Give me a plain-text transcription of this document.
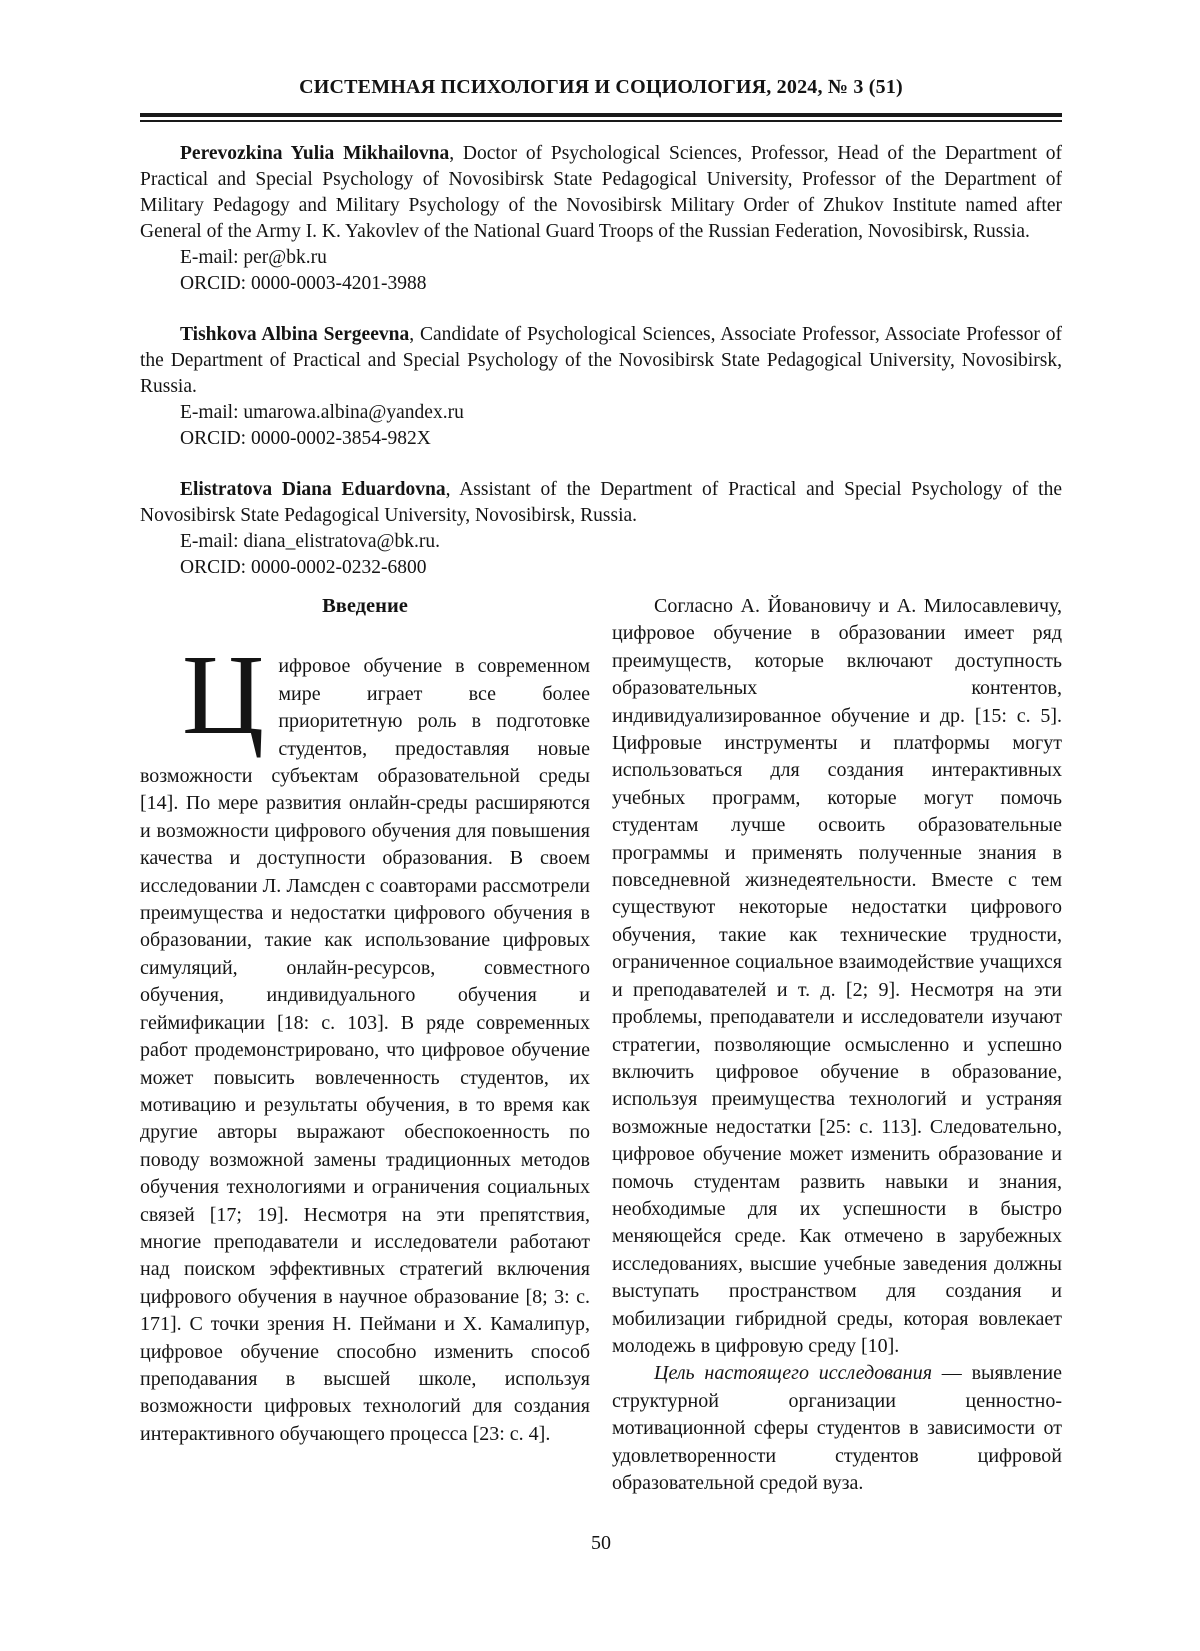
СИСТЕМНАЯ ПСИХОЛОГИЯ И СОЦИОЛОГИЯ, 2024, № 3 (51)

Perevozkina Yulia Mikhailovna, Doctor of Psychological Sciences, Professor, Head of the Department of Practical and Special Psychology of Novosibirsk State Pedagogical University, Professor of the Department of Military Pedagogy and Military Psychology of the Novosibirsk Military Order of Zhukov Institute named after General of the Army I. K. Yakovlev of the National Guard Troops of the Russian Federation, Novosibirsk, Russia.

E-mail: per@bk.ru
ORCID: 0000-0003-4201-3988

Tishkova Albina Sergeevna, Candidate of Psychological Sciences, Associate Professor, Associate Professor of the Department of Practical and Special Psychology of the Novosibirsk State Pedagogical University, Novosibirsk, Russia.

E-mail: umarowa.albina@yandex.ru
ORCID: 0000-0002-3854-982X

Elistratova Diana Eduardovna, Assistant of the Department of Practical and Special Psychology of the Novosibirsk State Pedagogical University, Novosibirsk, Russia.

E-mail: diana_elistratova@bk.ru.
ORCID: 0000-0002-0232-6800
Введение

Цифровое обучение в современном мире играет все более приоритетную роль в подготовке студентов, предоставляя новые возможности субъектам образовательной среды [14]. По мере развития онлайн-среды расширяются и возможности цифрового обучения для повышения качества и доступности образования. В своем исследовании Л. Ламсден с соавторами рассмотрели преимущества и недостатки цифрового обучения в образовании, такие как использование цифровых симуляций, онлайн-ресурсов, совместного обучения, индивидуального обучения и геймификации [18: с. 103]. В ряде современных работ продемонстрировано, что цифровое обучение может повысить вовлеченность студентов, их мотивацию и результаты обучения, в то время как другие авторы выражают обеспокоенность по поводу возможной замены традиционных методов обучения технологиями и ограничения социальных связей [17; 19]. Несмотря на эти препятствия, многие преподаватели и исследователи работают над поиском эффективных стратегий включения цифрового обучения в научное образование [8; 3: с. 171]. С точки зрения Н. Пеймани и Х. Камалипур, цифровое обучение способно изменить способ преподавания в высшей школе, используя возможности цифровых технологий для создания интерактивного обучающего процесса [23: с. 4].

Согласно А. Йовановичу и А. Милосавлевичу, цифровое обучение в образовании имеет ряд преимуществ, которые включают доступность образовательных контентов, индивидуализированное обучение и др. [15: с. 5]. Цифровые инструменты и платформы могут использоваться для создания интерактивных учебных программ, которые могут помочь студентам лучше освоить образовательные программы и применять полученные знания в повседневной жизнедеятельности. Вместе с тем существуют некоторые недостатки цифрового обучения, такие как технические трудности, ограниченное социальное взаимодействие учащихся и преподавателей и т. д. [2; 9]. Несмотря на эти проблемы, преподаватели и исследователи изучают стратегии, позволяющие осмысленно и успешно включить цифровое обучение в образование, используя преимущества технологий и устраняя возможные недостатки [25: с. 113]. Следовательно, цифровое обучение может изменить образование и помочь студентам развить навыки и знания, необходимые для их успешности в быстро меняющейся среде. Как отмечено в зарубежных исследованиях, высшие учебные заведения должны выступать пространством для создания и мобилизации гибридной среды, которая вовлекает молодежь в цифровую среду [10].

Цель настоящего исследования — выявление структурной организации ценностно-мотивационной сферы студентов в зависимости от удовлетворенности студентов цифровой образовательной средой вуза.

50
